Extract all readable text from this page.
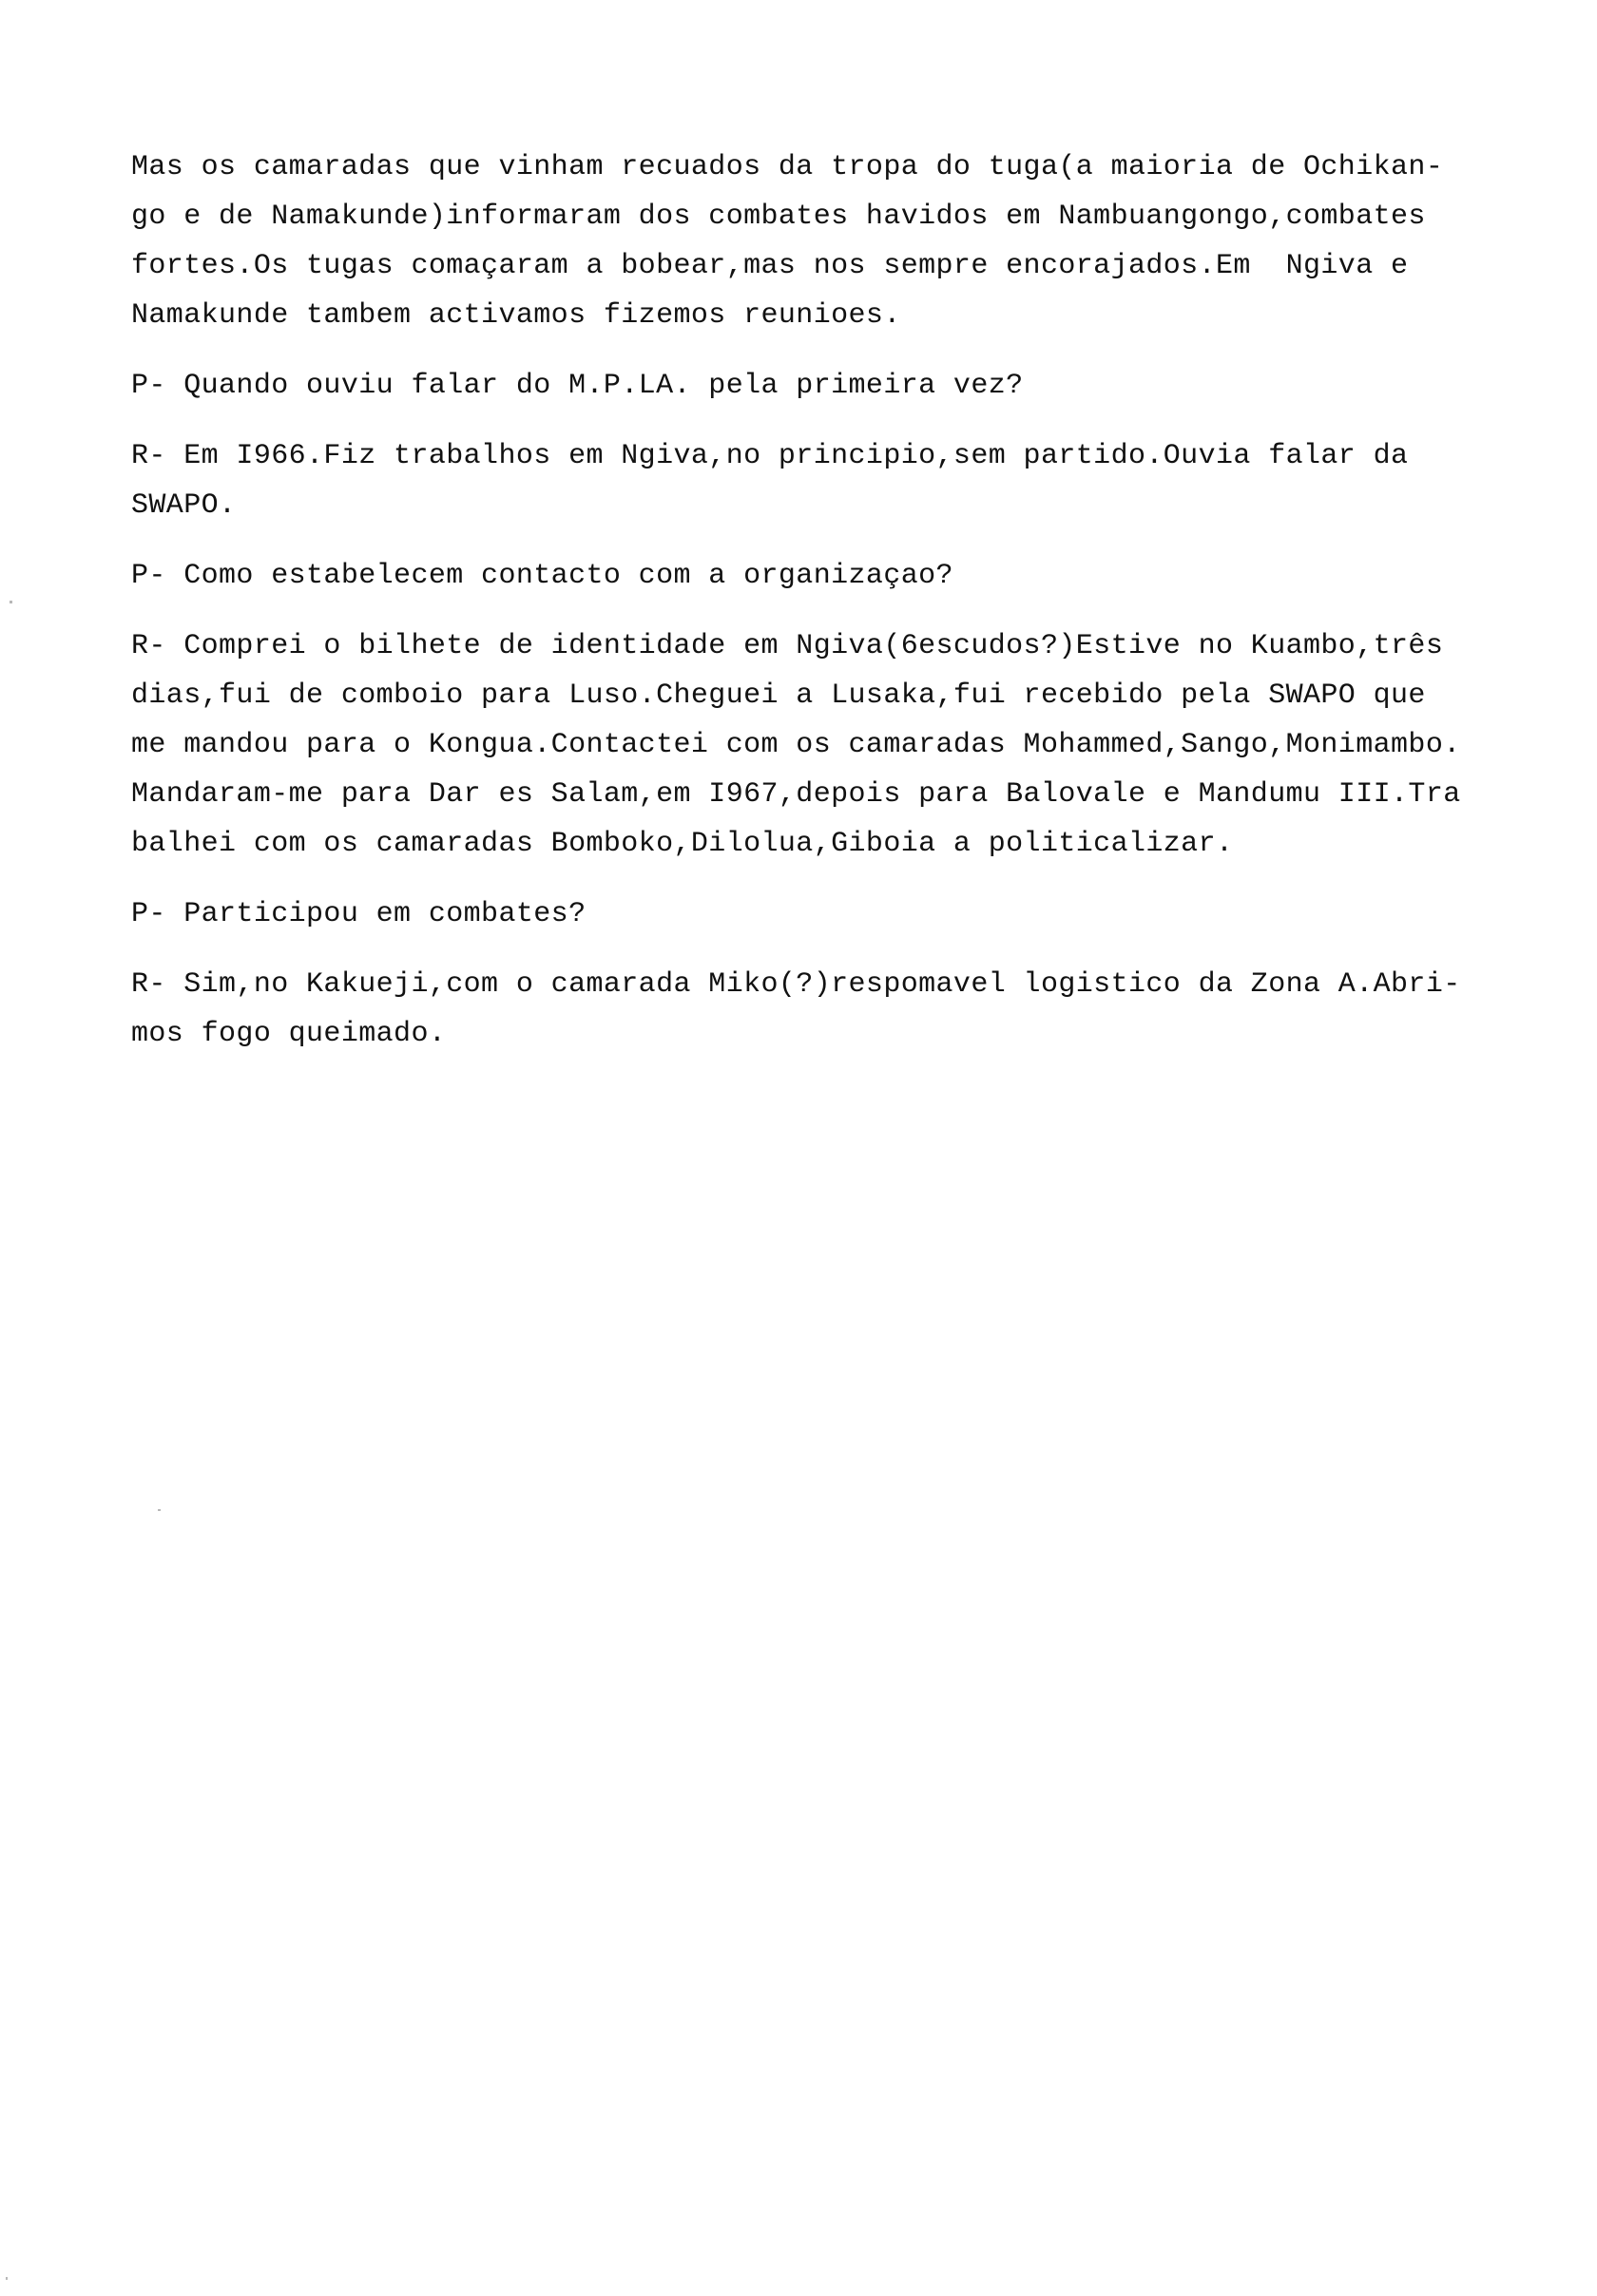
Mas os camaradas que vinham recuados da tropa do tuga(a maioria de Ochikan-
go e de Namakunde)informaram dos combates havidos em Nambuangongo,combates
fortes.Os tugas comaçaram a bobear,mas nos sempre encorajados.Em  Ngiva e
Namakunde tambem activamos fizemos reunioes.
P- Quando ouviu falar do M.P.LA. pela primeira vez?
R- Em I966.Fiz trabalhos em Ngiva,no principio,sem partido.Ouvia falar da
SWAPO.
P- Como estabelecem contacto com a organizaçao?
R- Comprei o bilhete de identidade em Ngiva(6escudos?)Estive no Kuambo,três
dias,fui de comboio para Luso.Cheguei a Lusaka,fui recebido pela SWAPO que
me mandou para o Kongua.Contactei com os camaradas Mohammed,Sango,Monimambo.
Mandaram-me para Dar es Salam,em I967,depois para Balovale e Mandumu III.Tra
balhei com os camaradas Bomboko,Dilolua,Giboia a politicalizar.
P- Participou em combates?
R- Sim,no Kakueji,com o camarada Miko(?)respomavel logistico da Zona A.Abri-
mos fogo queimado.
